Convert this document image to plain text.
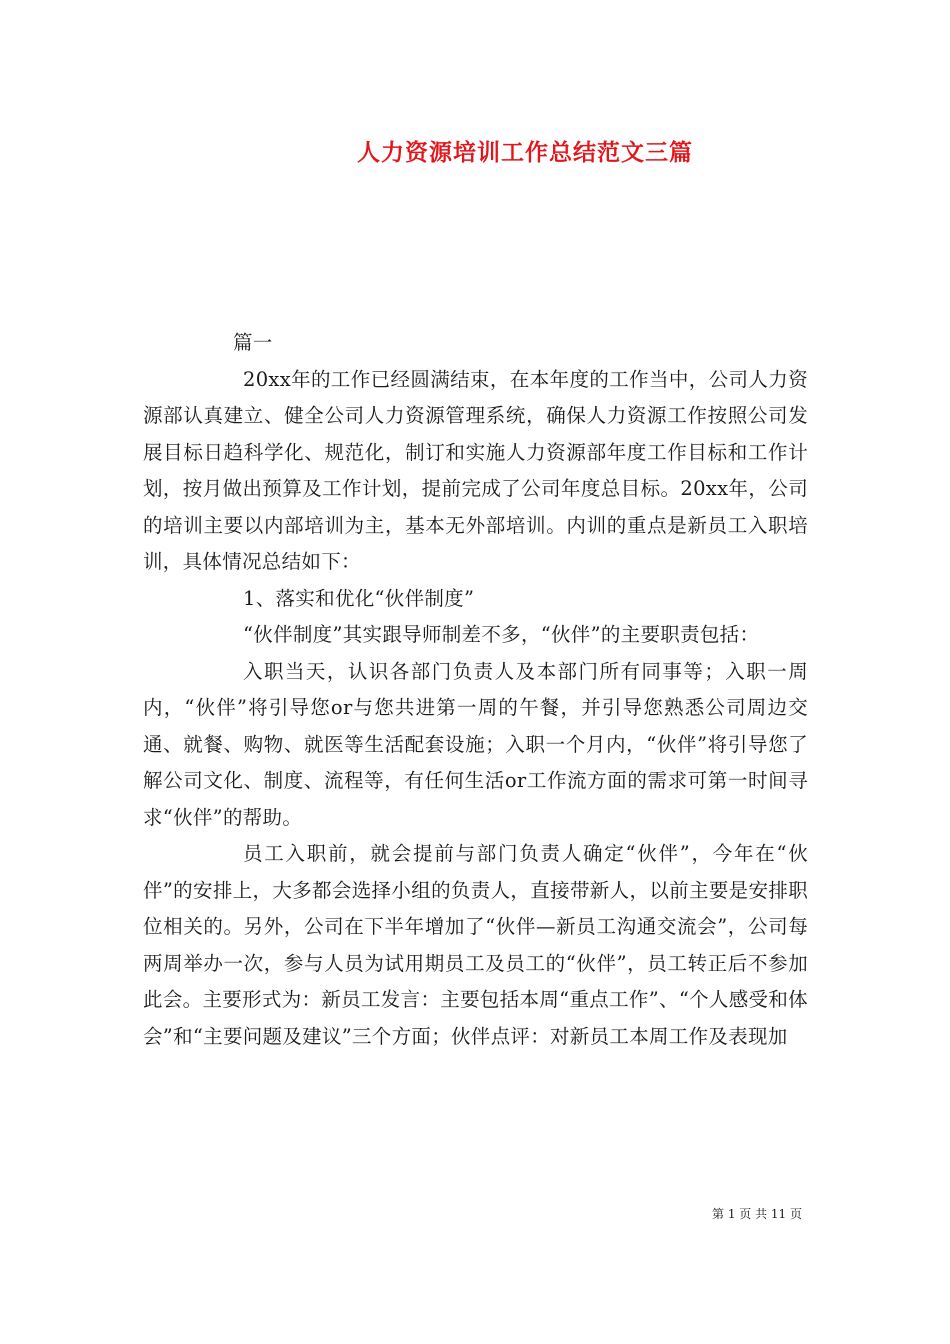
人力资源培训工作总结范文三篇

篇一

20xx年的工作已经圆满结束，在本年度的工作当中，公司人力资源部认真建立、健全公司人力资源管理系统，确保人力资源工作按照公司发展目标日趋科学化、规范化，制订和实施人力资源部年度工作目标和工作计划，按月做出预算及工作计划，提前完成了公司年度总目标。20xx年，公司的培训主要以内部培训为主，基本无外部培训。内训的重点是新员工入职培训，具体情况总结如下：

1、落实和优化“伙伴制度”

“伙伴制度”其实跟导师制差不多，“伙伴”的主要职责包括：

入职当天，认识各部门负责人及本部门所有同事等；入职一周内，“伙伴”将引导您or与您共进第一周的午餐，并引导您熟悉公司周边交通、就餐、购物、就医等生活配套设施；入职一个月内，“伙伴”将引导您了解公司文化、制度、流程等，有任何生活or工作流方面的需求可第一时间寻求“伙伴”的帮助。

员工入职前，就会提前与部门负责人确定“伙伴”，今年在“伙伴”的安排上，大多都会选择小组的负责人，直接带新人，以前主要是安排职位相关的。另外，公司在下半年增加了“伙伴—新员工沟通交流会”，公司每两周举办一次，参与人员为试用期员工及员工的“伙伴”，员工转正后不参加此会。主要形式为：新员工发言：主要包括本周“重点工作”、“个人感受和体会”和“主要问题及建议”三个方面；伙伴点评：对新员工本周工作及表现加

第 1 页 共 11 页
